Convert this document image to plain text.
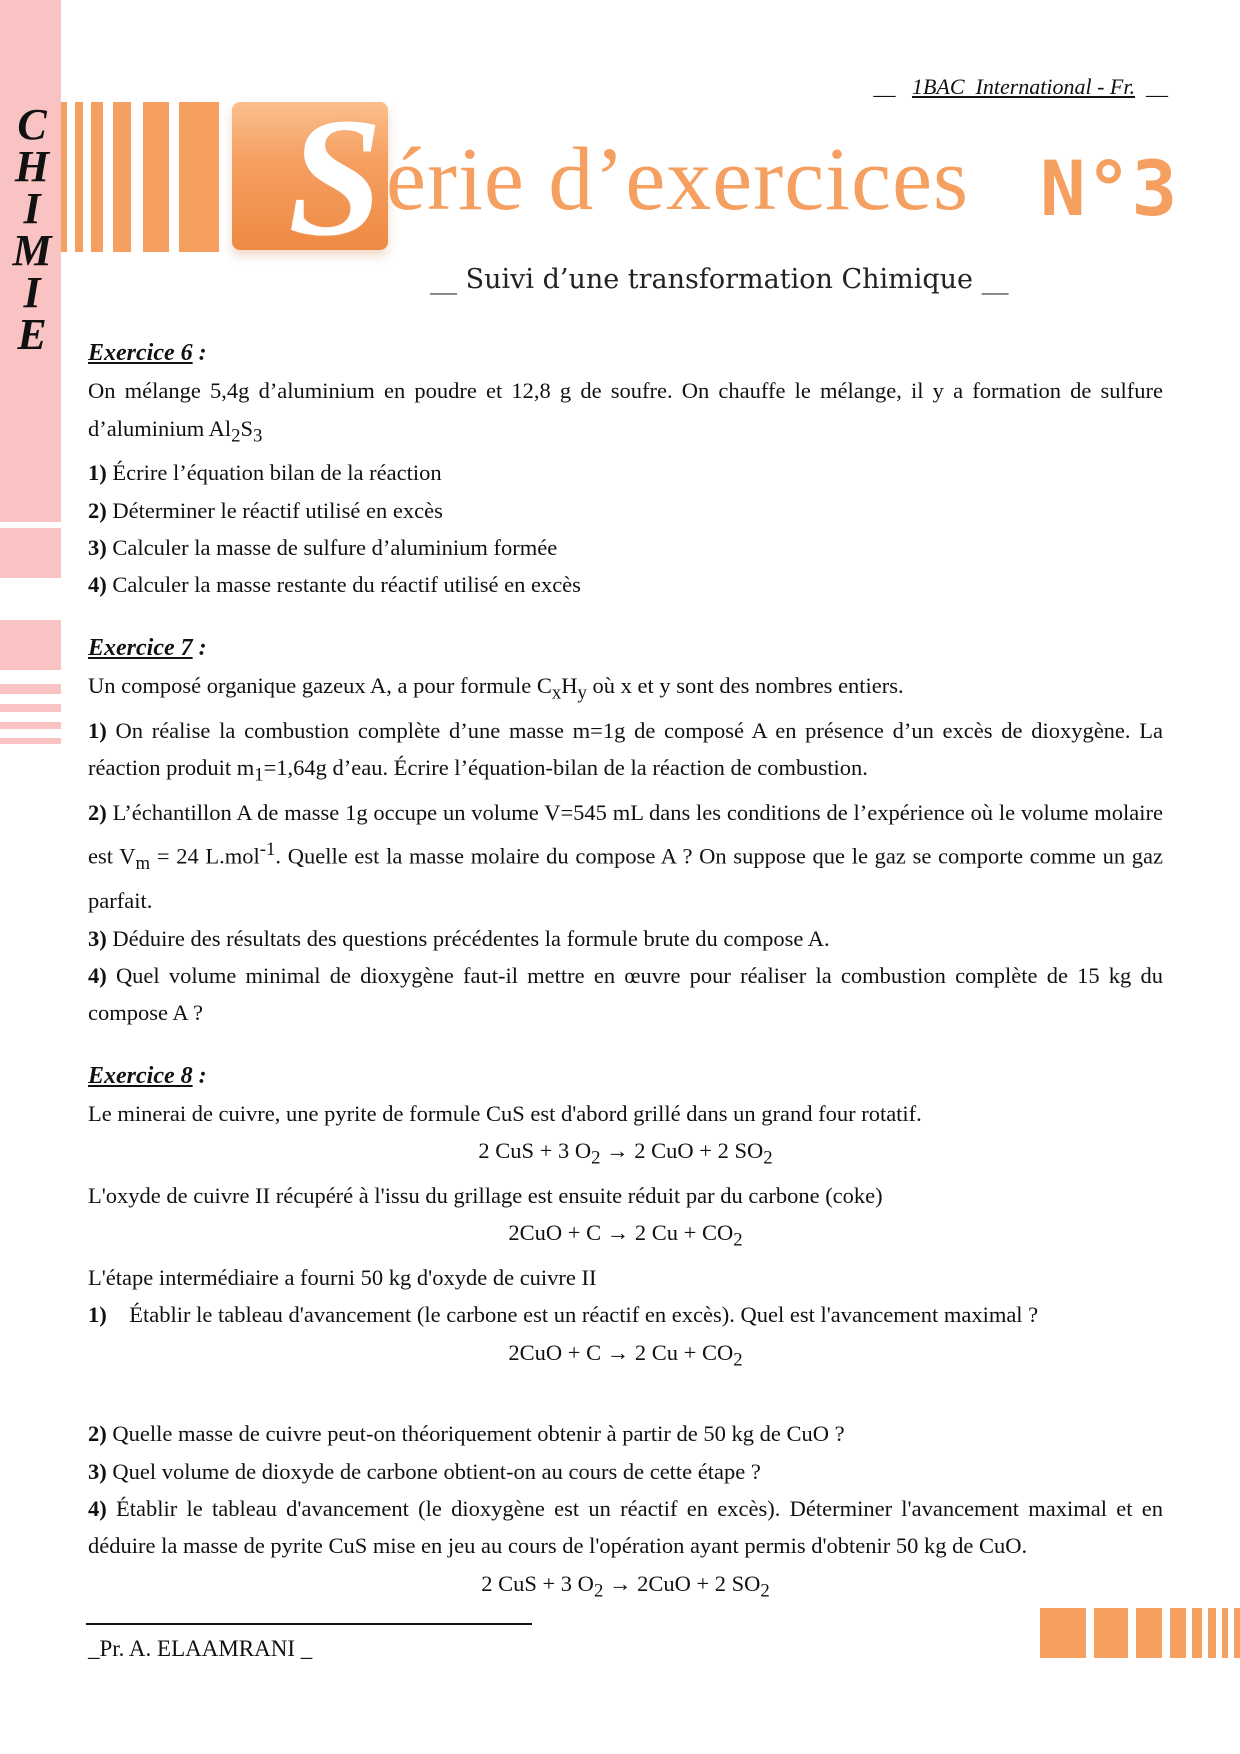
C
H
I
M
I
E
__   1BAC  International - Fr.  __
S érie d’exercices N°3
__ Suivi d’une transformation Chimique __

Exercice 6 :

On mélange 5,4g d’aluminium en poudre et 12,8 g de soufre. On chauffe le mélange, il y a formation de sulfure d’aluminium $Al_2S_3$

1) Écrire l’équation bilan de la réaction

2) Déterminer le réactif utilisé en excès

3) Calculer la masse de sulfure d’aluminium formée

4) Calculer la masse restante du réactif utilisé en excès

Exercice 7 :

Un composé organique gazeux A, a pour formule $C_xH_y$ où x et y sont des nombres entiers.

1) On réalise la combustion complète d’une masse m=1g de composé A en présence d’un excès de dioxygène. La réaction produit $m_1=1,64g$ d’eau. Écrire l’équation-bilan de la réaction de combustion.

2) L’échantillon A de masse 1g occupe un volume V=545 mL dans les conditions de l’expérience où le volume molaire est $V_m = 24$ L.mol$^{-1}$. Quelle est la masse molaire du compose A ? On suppose que le gaz se comporte comme un gaz parfait.

3) Déduire des résultats des questions précédentes la formule brute du compose A.

4) Quel volume minimal de dioxygène faut-il mettre en œuvre pour réaliser la combustion complète de 15 kg du compose A ?

Exercice 8 :

Le minerai de cuivre, une pyrite de formule CuS est d'abord grillé dans un grand four rotatif.

2 CuS + 3 $O_2 \to 2$ CuO + 2 $SO_2$

L'oxyde de cuivre II récupéré à l'issu du grillage est ensuite réduit par du carbone (coke)

2CuO + C → 2 $Cu + CO_2$

L'étape intermédiaire a fourni 50 kg d'oxyde de cuivre II

1) Établir le tableau d'avancement (le carbone est un réactif en excès). Quel est l'avancement maximal ?

2CuO + C → 2 $Cu + CO_2$

2) Quelle masse de cuivre peut-on théoriquement obtenir à partir de 50 kg de CuO ?

3) Quel volume de dioxyde de carbone obtient-on au cours de cette étape ?

4) Établir le tableau d'avancement (le dioxygène est un réactif en excès). Déterminer l'avancement maximal et en déduire la masse de pyrite CuS mise en jeu au cours de l'opération ayant permis d'obtenir 50 kg de CuO.

2 CuS + 3 $O_2 \to 2CuO + 2$ $SO_2$

_Pr. A. ELAAMRANI _
